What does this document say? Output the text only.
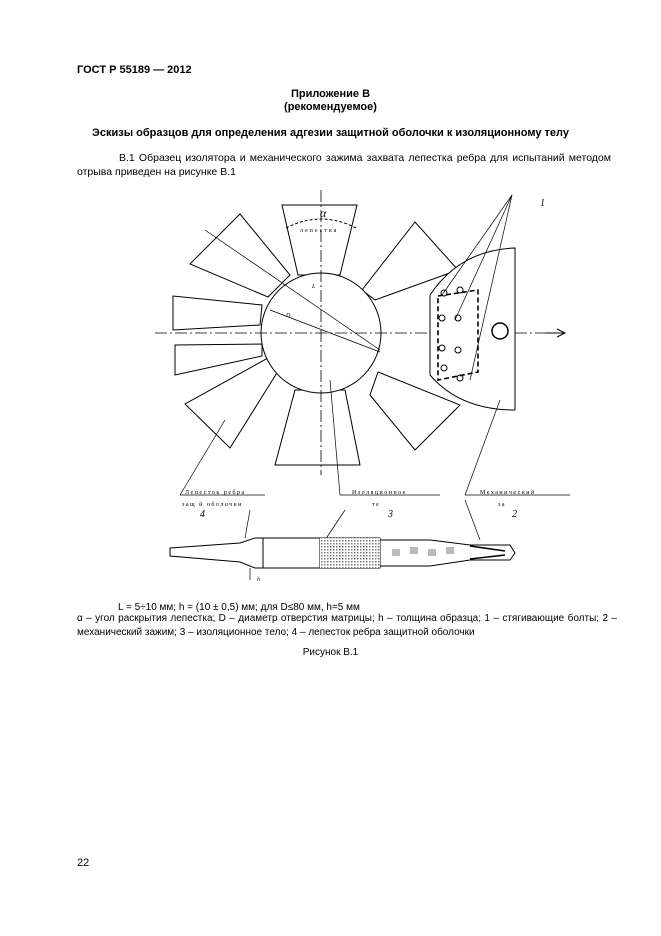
ГОСТ Р 55189 — 2012
Приложение В
(рекомендуемое)
Эскизы образцов для определения адгезии защитной оболочки к изоляционному телу
В.1 Образец изолятора и механического зажима захвата лепестка ребра для испытаний методом отрыва приведен на рисунке В.1
1
α
лепестка
L
D
h
Лепесток ребра
защ й оболочки
4
Изоляционное
те
3
Механический
за
2
L = 5÷10 мм; h = (10 ± 0,5) мм; для D≤80 мм, h=5 мм
α – угол раскрытия лепестка; D – диаметр отверстия матрицы; h – толщина образца; 1 – стягивающие болты; 2 – механический зажим; 3 – изоляционное тело; 4 – лепесток ребра защитной оболочки
Рисунок В.1
22
